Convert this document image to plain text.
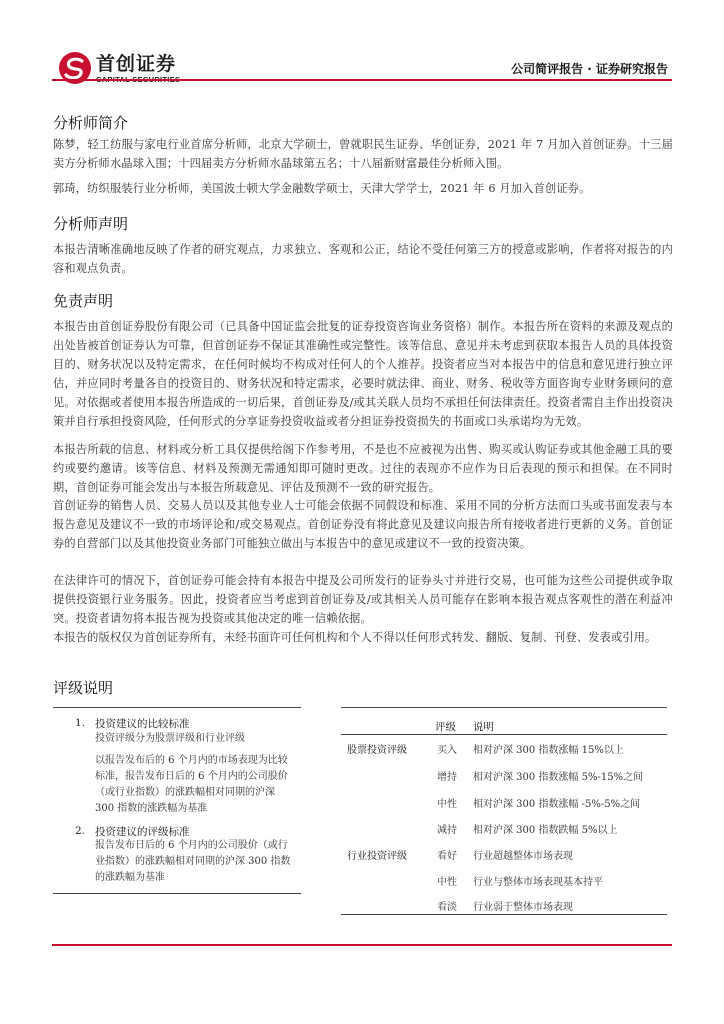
首创证券	公司简评报告 · 证券研究报告
分析师简介
陈梦，轻工纺服与家电行业首席分析师，北京大学硕士，曾就职民生证券、华创证券，2021 年 7 月加入首创证券。十三届卖方分析师水晶球入围；十四届卖方分析师水晶球第五名；十八届新财富最佳分析师入围。
郭琦，纺织服装行业分析师，美国波士顿大学金融数学硕士，天津大学学士，2021 年 6 月加入首创证券。
分析师声明
本报告清晰准确地反映了作者的研究观点，力求独立、客观和公正，结论不受任何第三方的授意或影响，作者将对报告的内容和观点负责。
免责声明
本报告由首创证券股份有限公司（已具备中国证监会批复的证券投资咨询业务资格）制作。本报告所在资料的来源及观点的出处皆被首创证券认为可靠，但首创证券不保证其准确性或完整性。该等信息、意见并未考虑到获取本报告人员的具体投资目的、财务状况以及特定需求，在任何时候均不构成对任何人的个人推荐。投资者应当对本报告中的信息和意见进行独立评估，并应同时考量各自的投资目的、财务状况和特定需求，必要时就法律、商业、财务、税收等方面咨询专业财务顾问的意见。对依据或者使用本报告所造成的一切后果，首创证券及/或其关联人员均不承担任何法律责任。投资者需自主作出投资决策并自行承担投资风险，任何形式的分享证券投资收益或者分担证券投资损失的书面或口头承诺均为无效。
本报告所载的信息、材料或分析工具仅提供给阁下作参考用，不是也不应被视为出售、购买或认购证券或其他金融工具的要约或要约邀请。该等信息、材料及预测无需通知即可随时更改。过往的表现亦不应作为日后表现的预示和担保。在不同时期，首创证券可能会发出与本报告所载意见、评估及预测不一致的研究报告。
首创证券的销售人员、交易人员以及其他专业人士可能会依据不同假设和标准、采用不同的分析方法而口头或书面发表与本报告意见及建议不一致的市场评论和/或交易观点。首创证券没有将此意见及建议向报告所有接收者进行更新的义务。首创证券的自营部门以及其他投资业务部门可能独立做出与本报告中的意见或建议不一致的投资决策。
在法律许可的情况下，首创证券可能会持有本报告中提及公司所发行的证券头寸并进行交易，也可能为这些公司提供或争取提供投资银行业务服务。因此，投资者应当考虑到首创证券及/或其相关人员可能存在影响本报告观点客观性的潜在利益冲突。投资者请勿将本报告视为投资或其他决定的唯一信赖依据。
本报告的版权仅为首创证券所有，未经书面许可任何机构和个人不得以任何形式转发、翻版、复制、刊登、发表或引用。
评级说明
1. 投资建议的比较标准
投资评级分为股票评级和行业评级
以报告发布后的 6 个月内的市场表现为比较标准，报告发布日后的 6 个月内的公司股价（或行业指数）的涨跌幅相对同期的沪深 300 指数的涨跌幅为基准
2. 投资建议的评级标准
报告发布日后的 6 个月内的公司股价（或行业指数）的涨跌幅相对同期的沪深 300 指数的涨跌幅为基准
评级 说明
股票投资评级	买入 相对沪深 300 指数涨幅 15%以上
增持 相对沪深 300 指数涨幅 5%-15%之间
中性 相对沪深 300 指数涨幅 -5%-5%之间
减持 相对沪深 300 指数跌幅 5%以上
行业投资评级	看好 行业超越整体市场表现
中性 行业与整体市场表现基本持平
看淡 行业弱于整体市场表现
